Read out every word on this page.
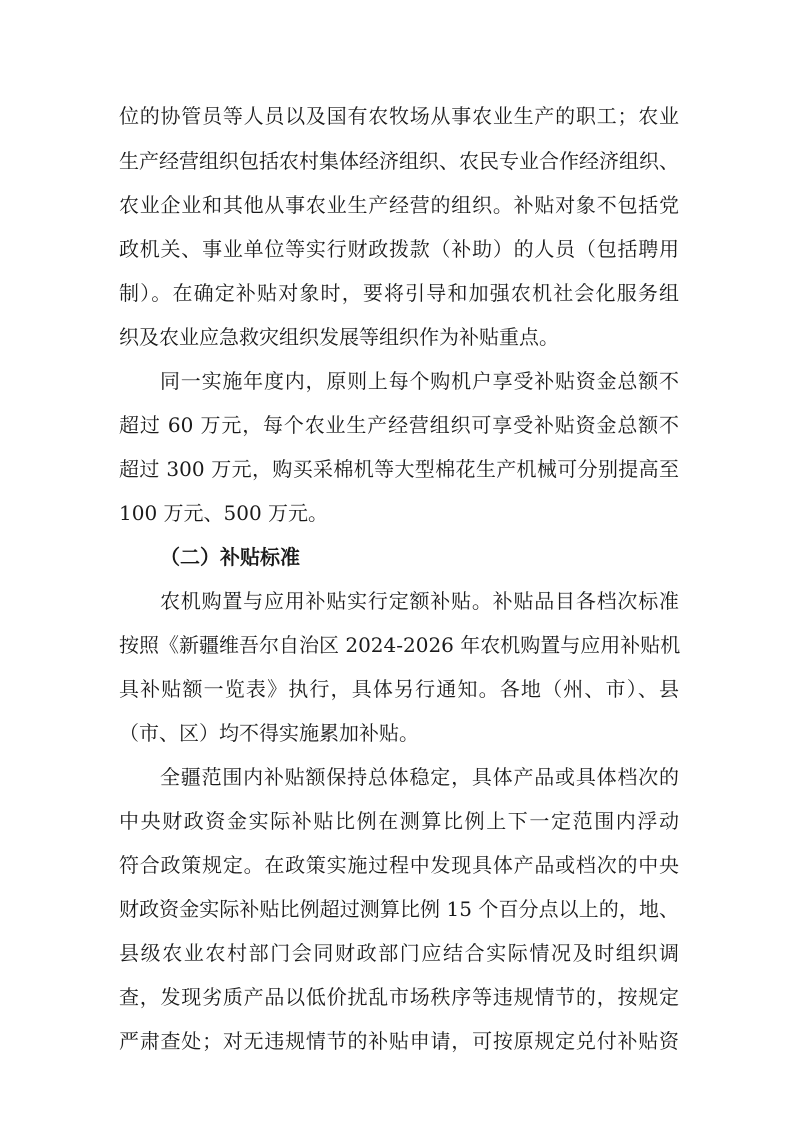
位的协管员等人员以及国有农牧场从事农业生产的职工；农业
生产经营组织包括农村集体经济组织、农民专业合作经济组织、
农业企业和其他从事农业生产经营的组织。补贴对象不包括党
政机关、事业单位等实行财政拨款（补助）的人员（包括聘用
制）。在确定补贴对象时，要将引导和加强农机社会化服务组
织及农业应急救灾组织发展等组织作为补贴重点。
同一实施年度内，原则上每个购机户享受补贴资金总额不
超过 60 万元，每个农业生产经营组织可享受补贴资金总额不
超过 300 万元，购买采棉机等大型棉花生产机械可分别提高至
100 万元、500 万元。
（二）补贴标准
农机购置与应用补贴实行定额补贴。补贴品目各档次标准
按照《新疆维吾尔自治区 2024-2026 年农机购置与应用补贴机
具补贴额一览表》执行，具体另行通知。各地（州、市）、县
（市、区）均不得实施累加补贴。
全疆范围内补贴额保持总体稳定，具体产品或具体档次的
中央财政资金实际补贴比例在测算比例上下一定范围内浮动
符合政策规定。在政策实施过程中发现具体产品或档次的中央
财政资金实际补贴比例超过测算比例 15 个百分点以上的，地、
县级农业农村部门会同财政部门应结合实际情况及时组织调
查，发现劣质产品以低价扰乱市场秩序等违规情节的，按规定
严肃查处；对无违规情节的补贴申请，可按原规定兑付补贴资
